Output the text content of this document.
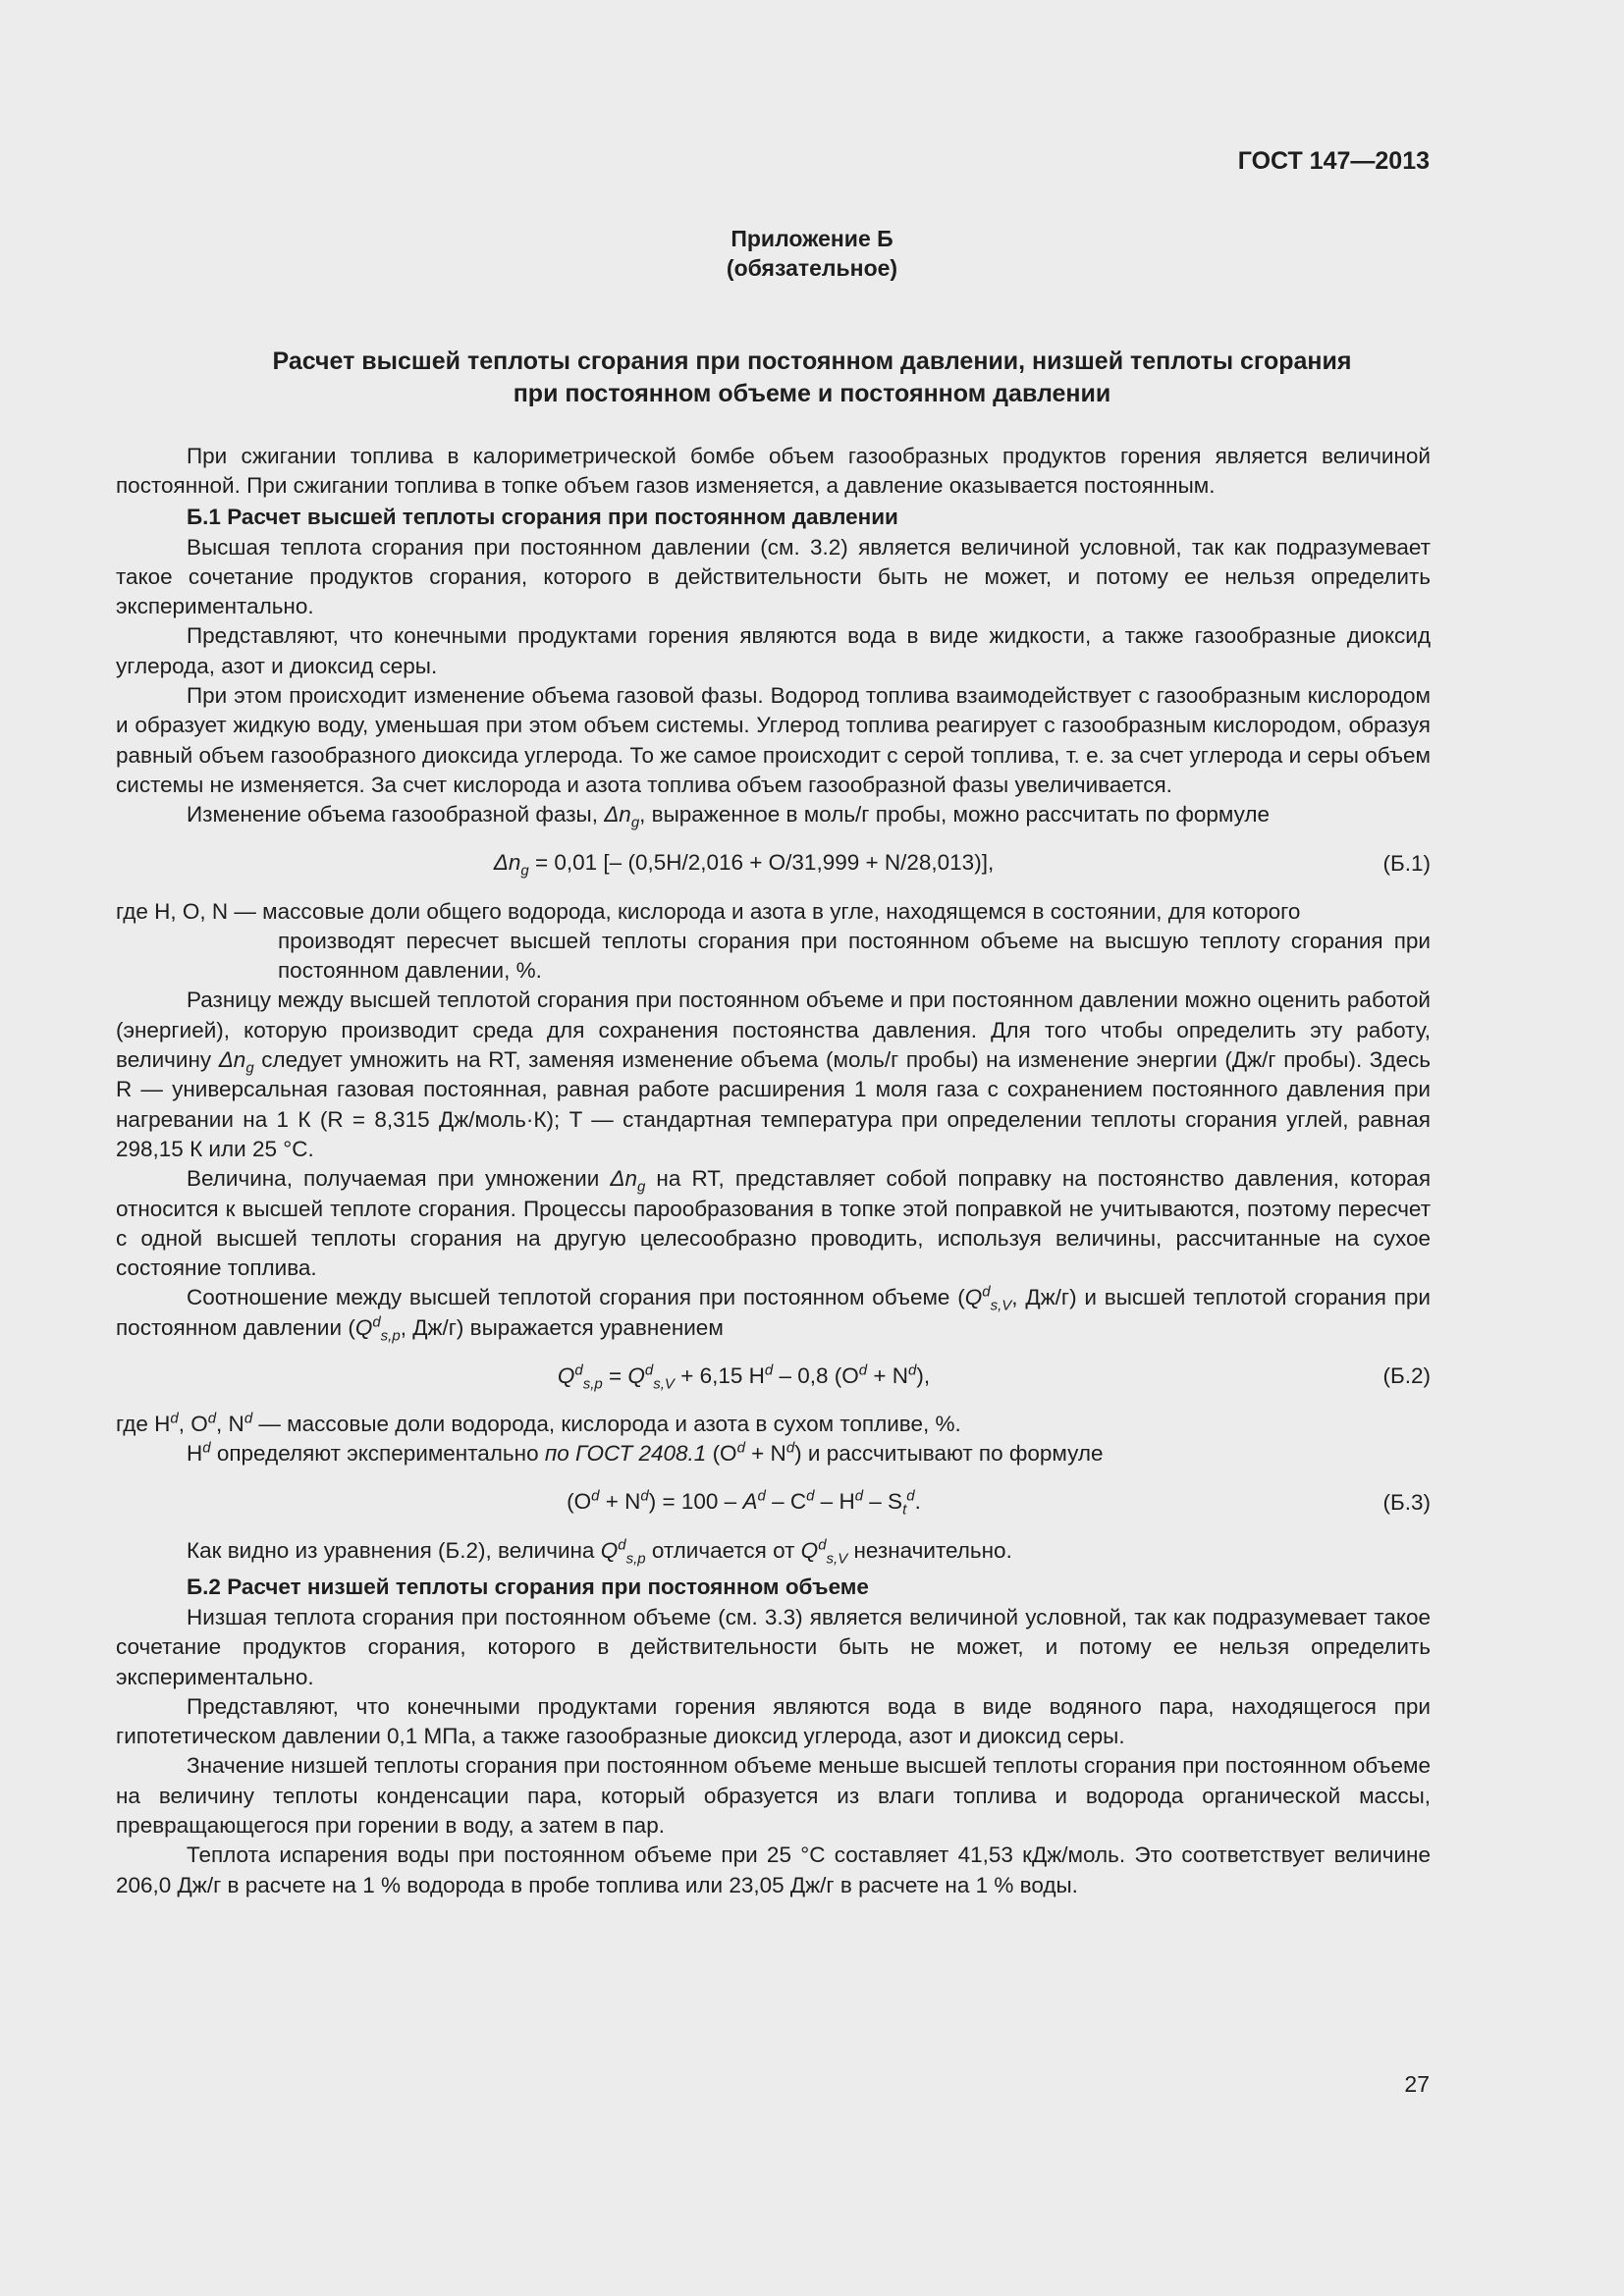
ГОСТ 147—2013
Приложение Б
(обязательное)
Расчет высшей теплоты сгорания при постоянном давлении, низшей теплоты сгорания
при постоянном объеме и постоянном давлении

При сжигании топлива в калориметрической бомбе объем газообразных продуктов горения является величиной постоянной. При сжигании топлива в топке объем газов изменяется, а давление оказывается постоянным.

Б.1 Расчет высшей теплоты сгорания при постоянном давлении

Высшая теплота сгорания при постоянном давлении (см. 3.2) является величиной условной, так как подразумевает такое сочетание продуктов сгорания, которого в действительности быть не может, и потому ее нельзя определить экспериментально.

Представляют, что конечными продуктами горения являются вода в виде жидкости, а также газообразные диоксид углерода, азот и диоксид серы.

При этом происходит изменение объема газовой фазы. Водород топлива взаимодействует с газообразным кислородом и образует жидкую воду, уменьшая при этом объем системы. Углерод топлива реагирует с газообразным кислородом, образуя равный объем газообразного диоксида углерода. То же самое происходит с серой топлива, т. е. за счет углерода и серы объем системы не изменяется. За счет кислорода и азота топлива объем газообразной фазы увеличивается.

Изменение объема газообразной фазы, $\Delta n_g$, выраженное в моль/г пробы, можно рассчитать по формуле

$\Delta n_g = 0,01$ [– (0,5H/2,016 + O/31,999 + N/28,013)],	(Б.1)

где H, O, N — массовые доли общего водорода, кислорода и азота в угле, находящемся в состоянии, для которого

производят пересчет высшей теплоты сгорания при постоянном объеме на высшую теплоту сгорания при постоянном давлении, %.

Разницу между высшей теплотой сгорания при постоянном объеме и при постоянном давлении можно оценить работой (энергией), которую производит среда для сохранения постоянства давления. Для того чтобы определить эту работу, величину $\Delta n_g$ следует умножить на RT, заменяя изменение объема (моль/г пробы) на изменение энергии (Дж/г пробы). Здесь R — универсальная газовая постоянная, равная работе расширения 1 моля газа с сохранением постоянного давления при нагревании на 1 К (R = 8,315 Дж/моль·К); T — стандартная температура при определении теплоты сгорания углей, равная 298,15 К или 25 °С.

Величина, получаемая при умножении $\Delta n_g$ на RT, представляет собой поправку на постоянство давления, которая относится к высшей теплоте сгорания. Процессы парообразования в топке этой поправкой не учитываются, поэтому пересчет с одной высшей теплоты сгорания на другую целесообразно проводить, используя величины, рассчитанные на сухое состояние топлива.

Соотношение между высшей теплотой сгорания при постоянном объеме ($Q^d_{s,V}$, Дж/г) и высшей теплотой сгорания при постоянном давлении ($Q^d_{s,p}$, Дж/г) выражается уравнением

$Q^d_{s,p} = Q^d_{s,V} + 6,15$ $H^d - 0,8$ $(O^d + N^d)$,	(Б.2)

где $H^d$, $O^d$, $N^d$ — массовые доли водорода, кислорода и азота в сухом топливе, %.

$H^d$ определяют экспериментально по ГОСТ 2408.1 $(O^d + N^d)$ и рассчитывают по формуле

$(O^d + N^d) = 100 - A^d - C^d - H^d - S_t^d$.	(Б.3)

Как видно из уравнения (Б.2), величина $Q^d_{s,p}$ отличается от $Q^d_{s,V}$ незначительно.

Б.2 Расчет низшей теплоты сгорания при постоянном объеме

Низшая теплота сгорания при постоянном объеме (см. 3.3) является величиной условной, так как подразумевает такое сочетание продуктов сгорания, которого в действительности быть не может, и потому ее нельзя определить экспериментально.

Представляют, что конечными продуктами горения являются вода в виде водяного пара, находящегося при гипотетическом давлении 0,1 МПа, а также газообразные диоксид углерода, азот и диоксид серы.

Значение низшей теплоты сгорания при постоянном объеме меньше высшей теплоты сгорания при постоянном объеме на величину теплоты конденсации пара, который образуется из влаги топлива и водорода органической массы, превращающегося при горении в воду, а затем в пар.

Теплота испарения воды при постоянном объеме при 25 °С составляет 41,53 кДж/моль. Это соответствует величине 206,0 Дж/г в расчете на 1 % водорода в пробе топлива или 23,05 Дж/г в расчете на 1 % воды.

27
